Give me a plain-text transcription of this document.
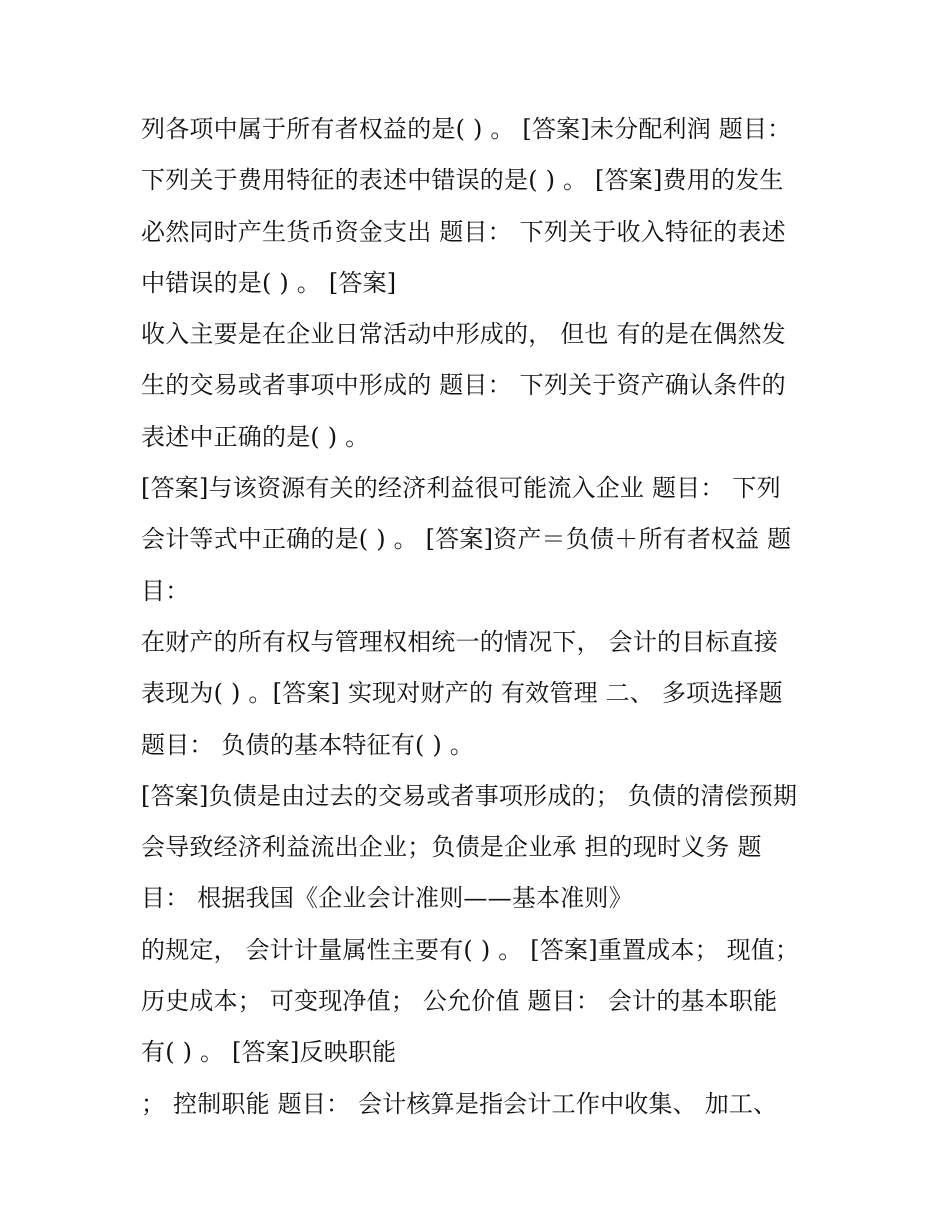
列各项中属于所有者权益的是( ) 。 [答案]未分配利润 题目：
下列关于费用特征的表述中错误的是( ) 。 [答案]费用的发生
必然同时产生货币资金支出 题目： 下列关于收入特征的表述
中错误的是( ) 。 [答案]
收入主要是在企业日常活动中形成的， 但也 有的是在偶然发
生的交易或者事项中形成的 题目： 下列关于资产确认条件的
表述中正确的是( ) 。
[答案]与该资源有关的经济利益很可能流入企业 题目： 下列
会计等式中正确的是( ) 。 [答案]资产＝负债＋所有者权益 题
目：
在财产的所有权与管理权相统一的情况下， 会计的目标直接
表现为( ) 。[答案] 实现对财产的 有效管理 二、 多项选择题
题目： 负债的基本特征有( ) 。
[答案]负债是由过去的交易或者事项形成的； 负债的清偿预期
会导致经济利益流出企业；负债是企业承 担的现时义务 题
目： 根据我国《企业会计准则——基本准则》
的规定， 会计计量属性主要有( ) 。 [答案]重置成本； 现值；
历史成本； 可变现净值； 公允价值 题目： 会计的基本职能
有( ) 。 [答案]反映职能
； 控制职能 题目： 会计核算是指会计工作中收集、 加工、
